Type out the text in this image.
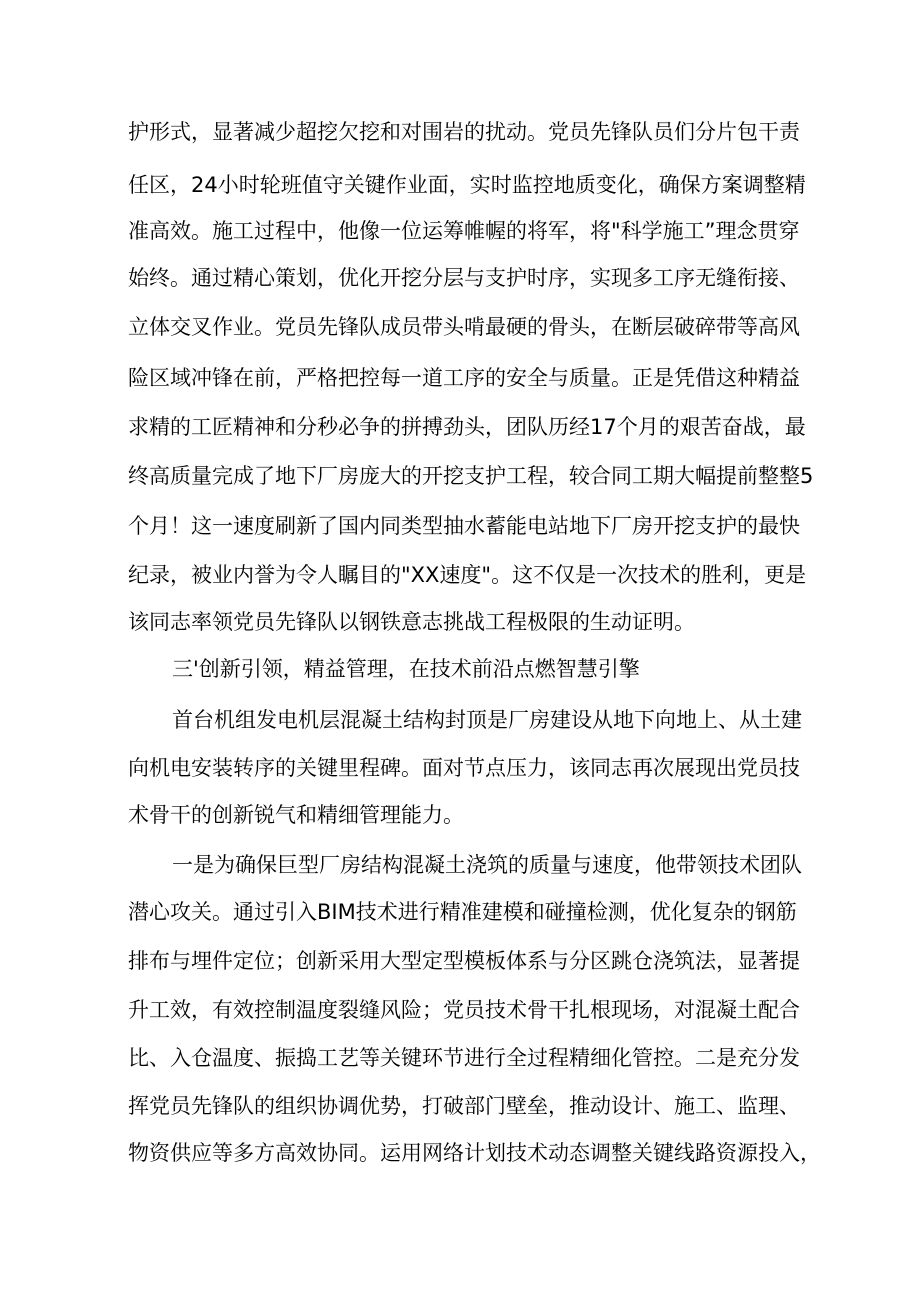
护形式，显著减少超挖欠挖和对围岩的扰动。党员先锋队员们分片包干责
任区，24小时轮班值守关键作业面，实时监控地质变化，确保方案调整精
准高效。施工过程中，他像一位运筹帷幄的将军，将"科学施工”理念贯穿
始终。通过精心策划，优化开挖分层与支护时序，实现多工序无缝衔接、
立体交叉作业。党员先锋队成员带头啃最硬的骨头，在断层破碎带等高风
险区域冲锋在前，严格把控每一道工序的安全与质量。正是凭借这种精益
求精的工匠精神和分秒必争的拼搏劲头，团队历经17个月的艰苦奋战，最
终高质量完成了地下厂房庞大的开挖支护工程，较合同工期大幅提前整整5
个月！这一速度刷新了国内同类型抽水蓄能电站地下厂房开挖支护的最快
纪录，被业内誉为令人瞩目的"XX速度"。这不仅是一次技术的胜利，更是
该同志率领党员先锋队以钢铁意志挑战工程极限的生动证明。
三'创新引领，精益管理，在技术前沿点燃智慧引擎
首台机组发电机层混凝土结构封顶是厂房建设从地下向地上、从土建
向机电安装转序的关键里程碑。面对节点压力，该同志再次展现出党员技
术骨干的创新锐气和精细管理能力。
一是为确保巨型厂房结构混凝土浇筑的质量与速度，他带领技术团队
潜心攻关。通过引入BIM技术进行精准建模和碰撞检测，优化复杂的钢筋
排布与埋件定位；创新采用大型定型模板体系与分区跳仓浇筑法，显著提
升工效，有效控制温度裂缝风险；党员技术骨干扎根现场，对混凝土配合
比、入仓温度、振捣工艺等关键环节进行全过程精细化管控。二是充分发
挥党员先锋队的组织协调优势，打破部门壁垒，推动设计、施工、监理、
物资供应等多方高效协同。运用网络计划技术动态调整关键线路资源投入，
